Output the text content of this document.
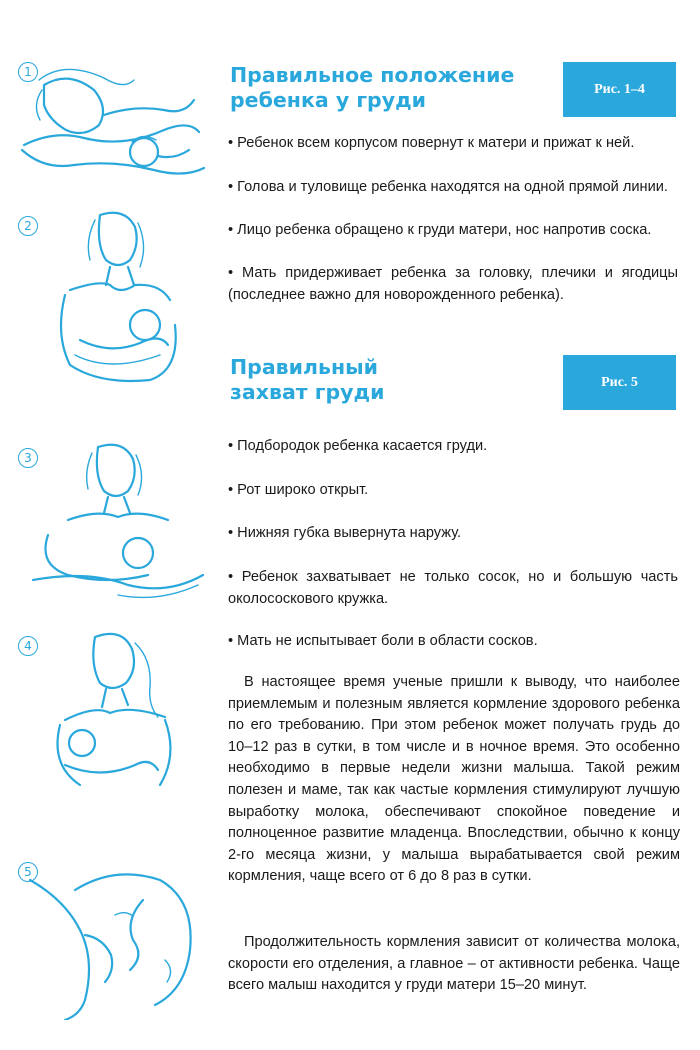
1
2
3
4
5
Правильное положение
ребенка у груди	Рис. 1–4
• Ребенок всем корпусом повернут к матери и прижат к ней.
• Голова и туловище ребенка находятся на одной прямой линии.
• Лицо ребенка обращено к груди матери, нос напротив соска.
• Мать придерживает ребенка за головку, плечики и ягодицы (последнее важно для новорожденного ребенка).
Правильный
захват груди	Рис. 5
• Подбородок ребенка касается груди.
• Рот широко открыт.
• Нижняя губка вывернута наружу.
• Ребенок захватывает не только сосок, но и большую часть околососкового кружка.
• Мать не испытывает боли в области сосков.

В настоящее время ученые пришли к выводу, что наиболее приемлемым и полезным является кормление здорового ребенка по его требованию. При этом ребенок может получать грудь до 10–12 раз в сутки, в том числе и в ночное время. Это особенно необходимо в первые недели жизни малыша. Такой режим полезен и маме, так как частые кормления стимулируют лучшую выработку молока, обеспечивают спокойное поведение и полноценное развитие младенца. Впоследствии, обычно к концу 2-го месяца жизни, у малыша вырабатывается свой режим кормления, чаще всего от 6 до 8 раз в сутки.

Продолжительность кормления зависит от количества молока, скорости его отделения, а главное – от активности ребенка. Чаще всего малыш находится у груди матери 15–20 минут.
